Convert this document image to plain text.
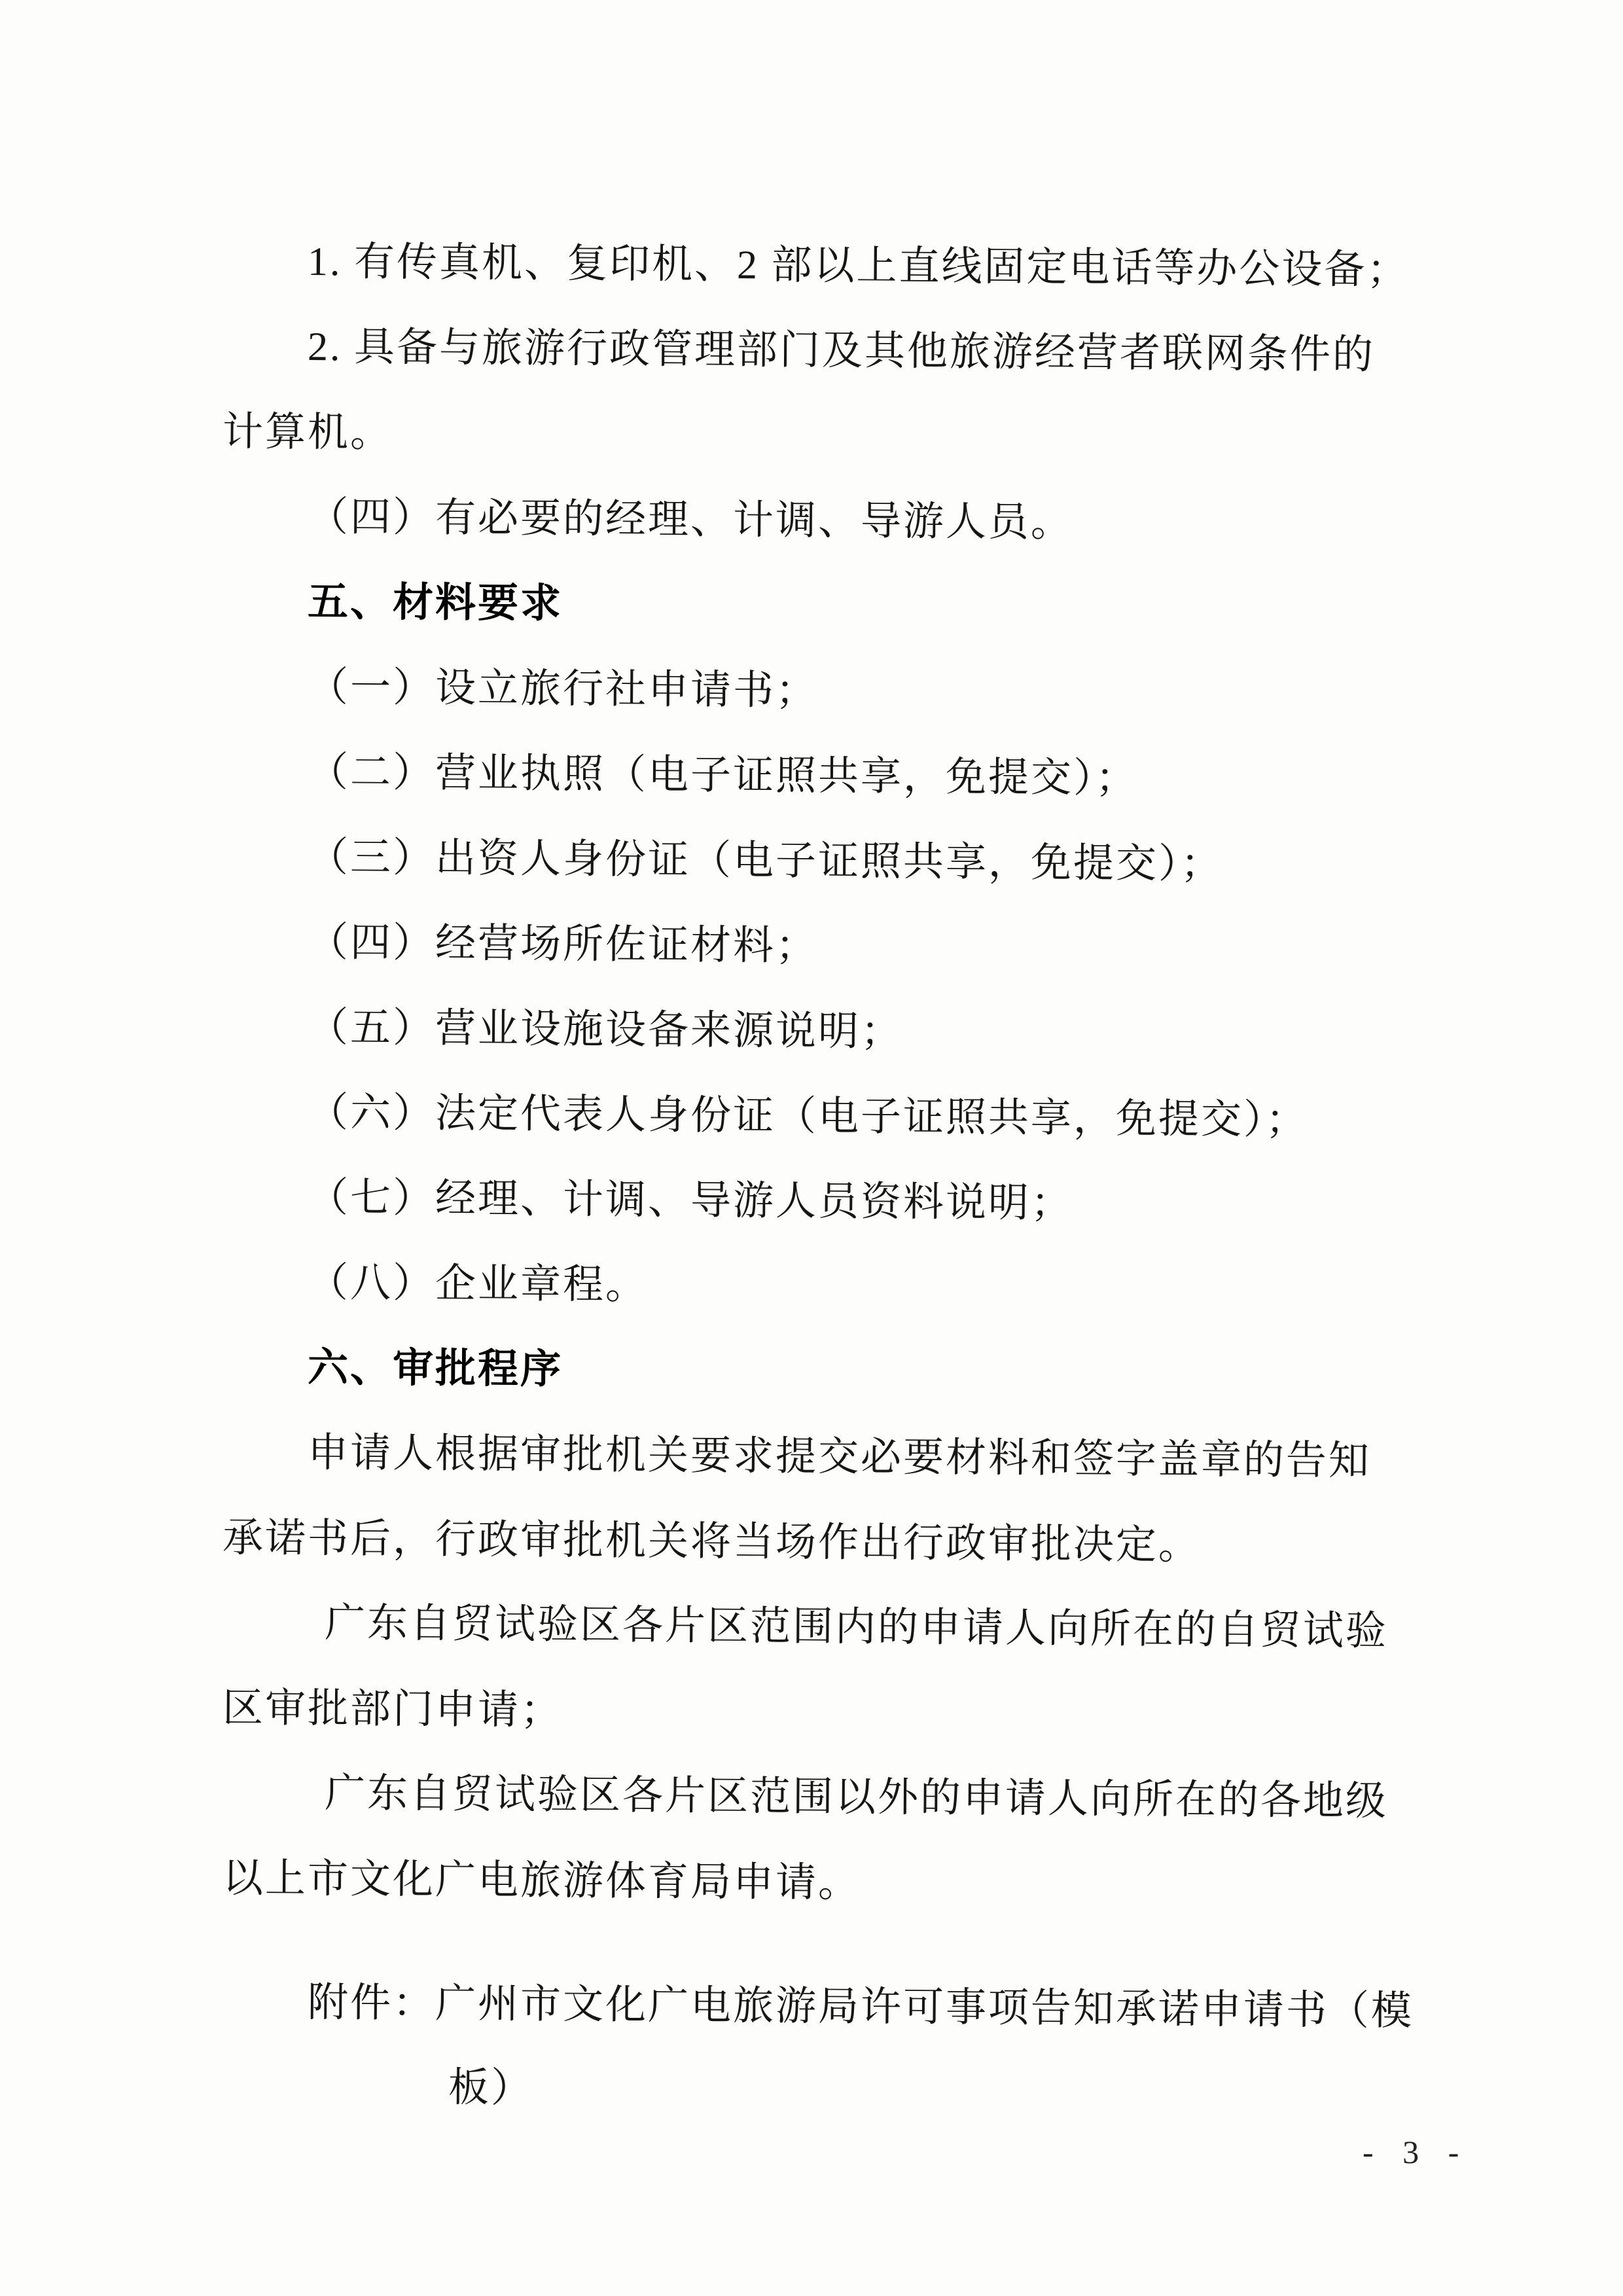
1. 有传真机、复印机、2 部以上直线固定电话等办公设备；
2. 具备与旅游行政管理部门及其他旅游经营者联网条件的
计算机。
（四）有必要的经理、计调、导游人员。
五、材料要求
（一）设立旅行社申请书；
（二）营业执照（电子证照共享，免提交）；
（三）出资人身份证（电子证照共享，免提交）；
（四）经营场所佐证材料；
（五）营业设施设备来源说明；
（六）法定代表人身份证（电子证照共享，免提交）；
（七）经理、计调、导游人员资料说明；
（八）企业章程。
六、审批程序
申请人根据审批机关要求提交必要材料和签字盖章的告知
承诺书后，行政审批机关将当场作出行政审批决定。
广东自贸试验区各片区范围内的申请人向所在的自贸试验
区审批部门申请；
广东自贸试验区各片区范围以外的申请人向所在的各地级
以上市文化广电旅游体育局申请。
附件：广州市文化广电旅游局许可事项告知承诺申请书（模
板）
- 3 -
